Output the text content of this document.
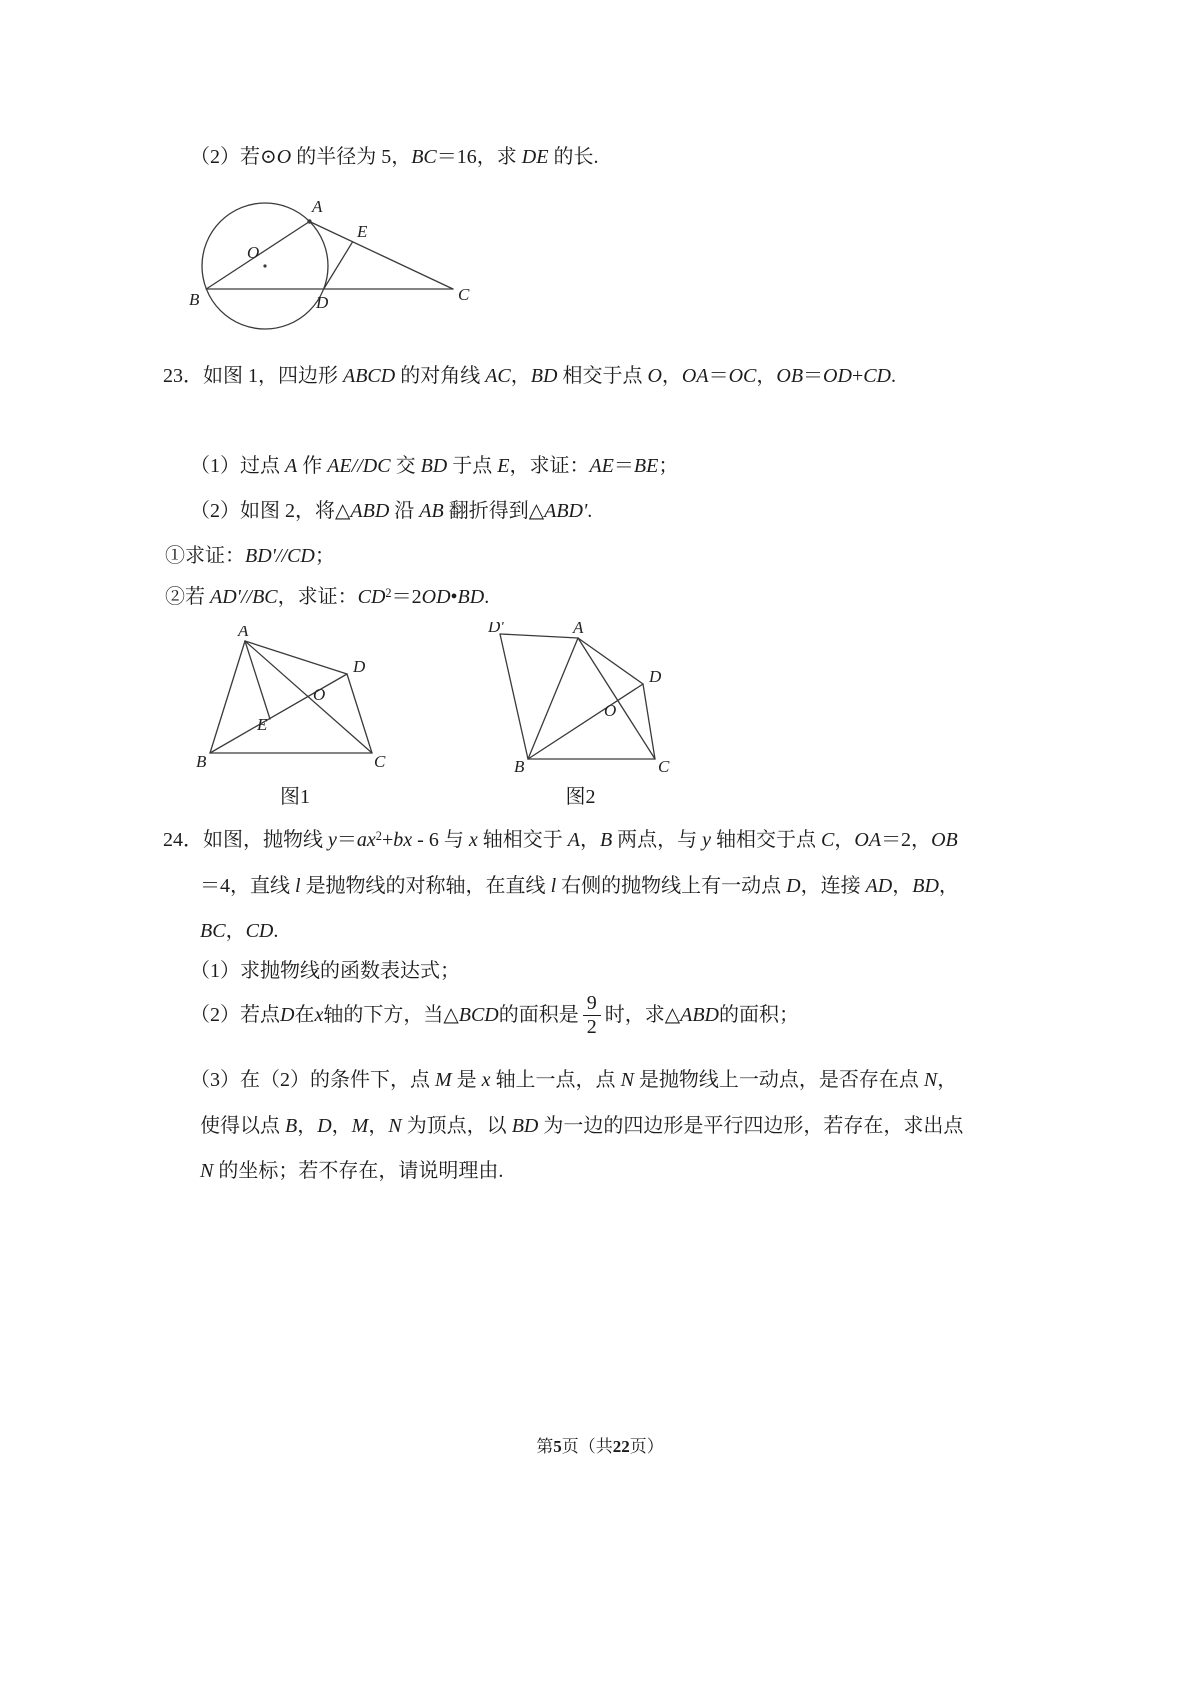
（2）若⊙O 的半径为 5，BC＝16，求 DE 的长.

A
E
O
B	D	C

23．如图 1，四边形 ABCD 的对角线 AC，BD 相交于点 O，OA＝OC，OB＝OD+CD.

（1）过点 A 作 AE//DC 交 BD 于点 E，求证：AE＝BE；

（2）如图 2，将△ABD 沿 AB 翻折得到△ABD'.

①求证：BD'//CD；

②若 AD'//BC，求证：$CD^2=2OD•BD$.

A
D
B	C
O
E
图1
D'	A
D
B	C
O
图2

24．如图，抛物线 $y=ax^2+bx - 6$ 与 x 轴相交于 A，B 两点，与 y 轴相交于点 C，OA＝2，OB

＝4，直线 l 是抛物线的对称轴，在直线 l 右侧的抛物线上有一动点 D，连接 AD，BD，

BC，CD.

（1）求抛物线的函数表达式；

（2）若点 D 在 x 轴的下方，当△ BCD 的面积是 $\frac{9}{2}$ 时，求△ ABD 的面积；

（3）在（2）的条件下，点 M 是 x 轴上一点，点 N 是抛物线上一动点，是否存在点 N，

使得以点 B，D，M，N 为顶点，以 BD 为一边的四边形是平行四边形，若存在，求出点

N 的坐标；若不存在，请说明理由.

第5页（共22页）
